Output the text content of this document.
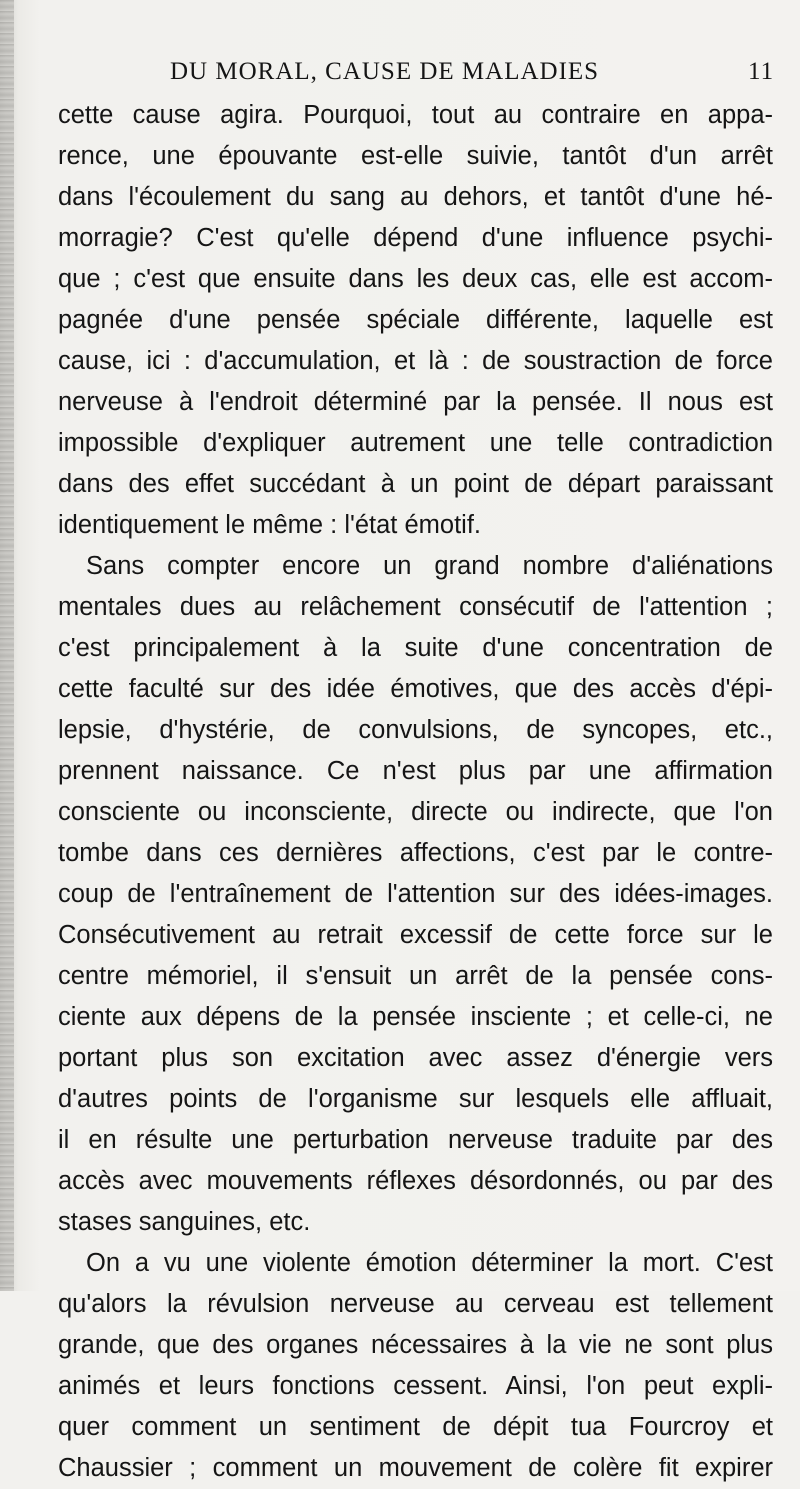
DU MORAL, CAUSE DE MALADIES	11
cette cause agira. Pourquoi, tout au contraire en appa-
rence, une épouvante est-elle suivie, tantôt d'un arrêt
dans l'écoulement du sang au dehors, et tantôt d'une hé-
morragie? C'est qu'elle dépend d'une influence psychi-
que ; c'est que ensuite dans les deux cas, elle est accom-
pagnée d'une pensée spéciale différente, laquelle est
cause, ici : d'accumulation, et là : de soustraction de force
nerveuse à l'endroit déterminé par la pensée. Il nous est
impossible d'expliquer autrement une telle contradiction
dans des effet succédant à un point de départ paraissant
identiquement le même : l'état émotif.
Sans compter encore un grand nombre d'aliénations
mentales dues au relâchement consécutif de l'attention ;
c'est principalement à la suite d'une concentration de
cette faculté sur des idée émotives, que des accès d'épi-
lepsie, d'hystérie, de convulsions, de syncopes, etc.,
prennent naissance. Ce n'est plus par une affirmation
consciente ou inconsciente, directe ou indirecte, que l'on
tombe dans ces dernières affections, c'est par le contre-
coup de l'entraînement de l'attention sur des idées-images.
Consécutivement au retrait excessif de cette force sur le
centre mémoriel, il s'ensuit un arrêt de la pensée cons-
ciente aux dépens de la pensée insciente ; et celle-ci, ne
portant plus son excitation avec assez d'énergie vers
d'autres points de l'organisme sur lesquels elle affluait,
il en résulte une perturbation nerveuse traduite par des
accès avec mouvements réflexes désordonnés, ou par des
stases sanguines, etc.
On a vu une violente émotion déterminer la mort. C'est
qu'alors la révulsion nerveuse au cerveau est tellement
grande, que des organes nécessaires à la vie ne sont plus
animés et leurs fonctions cessent. Ainsi, l'on peut expli-
quer comment un sentiment de dépit tua Fourcroy et
Chaussier ; comment un mouvement de colère fit expirer
